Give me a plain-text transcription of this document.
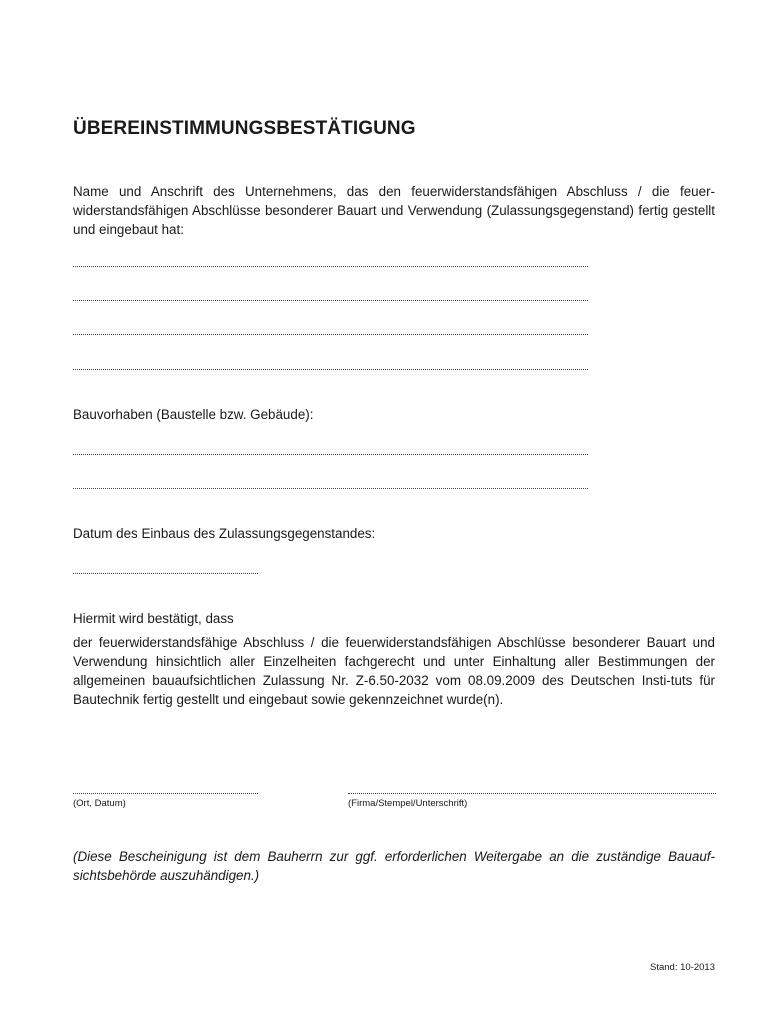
ÜBEREINSTIMMUNGSBESTÄTIGUNG
Name und Anschrift des Unternehmens, das den feuerwiderstandsfähigen Abschluss / die feuer-widerstandsfähigen Abschlüsse besonderer Bauart und Verwendung (Zulassungsgegenstand) fertig gestellt und eingebaut hat:
Bauvorhaben (Baustelle bzw. Gebäude):
Datum des Einbaus des Zulassungsgegenstandes:
Hiermit wird bestätigt, dass
der feuerwiderstandsfähige Abschluss / die feuerwiderstandsfähigen Abschlüsse besonderer Bauart und Verwendung hinsichtlich aller Einzelheiten fachgerecht und unter Einhaltung aller Bestimmungen der allgemeinen bauaufsichtlichen Zulassung Nr. Z-6.50-2032 vom 08.09.2009 des Deutschen Insti-tuts für Bautechnik fertig gestellt und eingebaut sowie gekennzeichnet wurde(n).
(Ort, Datum)	(Firma/Stempel/Unterschrift)
(Diese Bescheinigung ist dem Bauherrn zur ggf. erforderlichen Weitergabe an die zuständige Bauauf-sichtsbehörde auszuhändigen.)
Stand: 10-2013
